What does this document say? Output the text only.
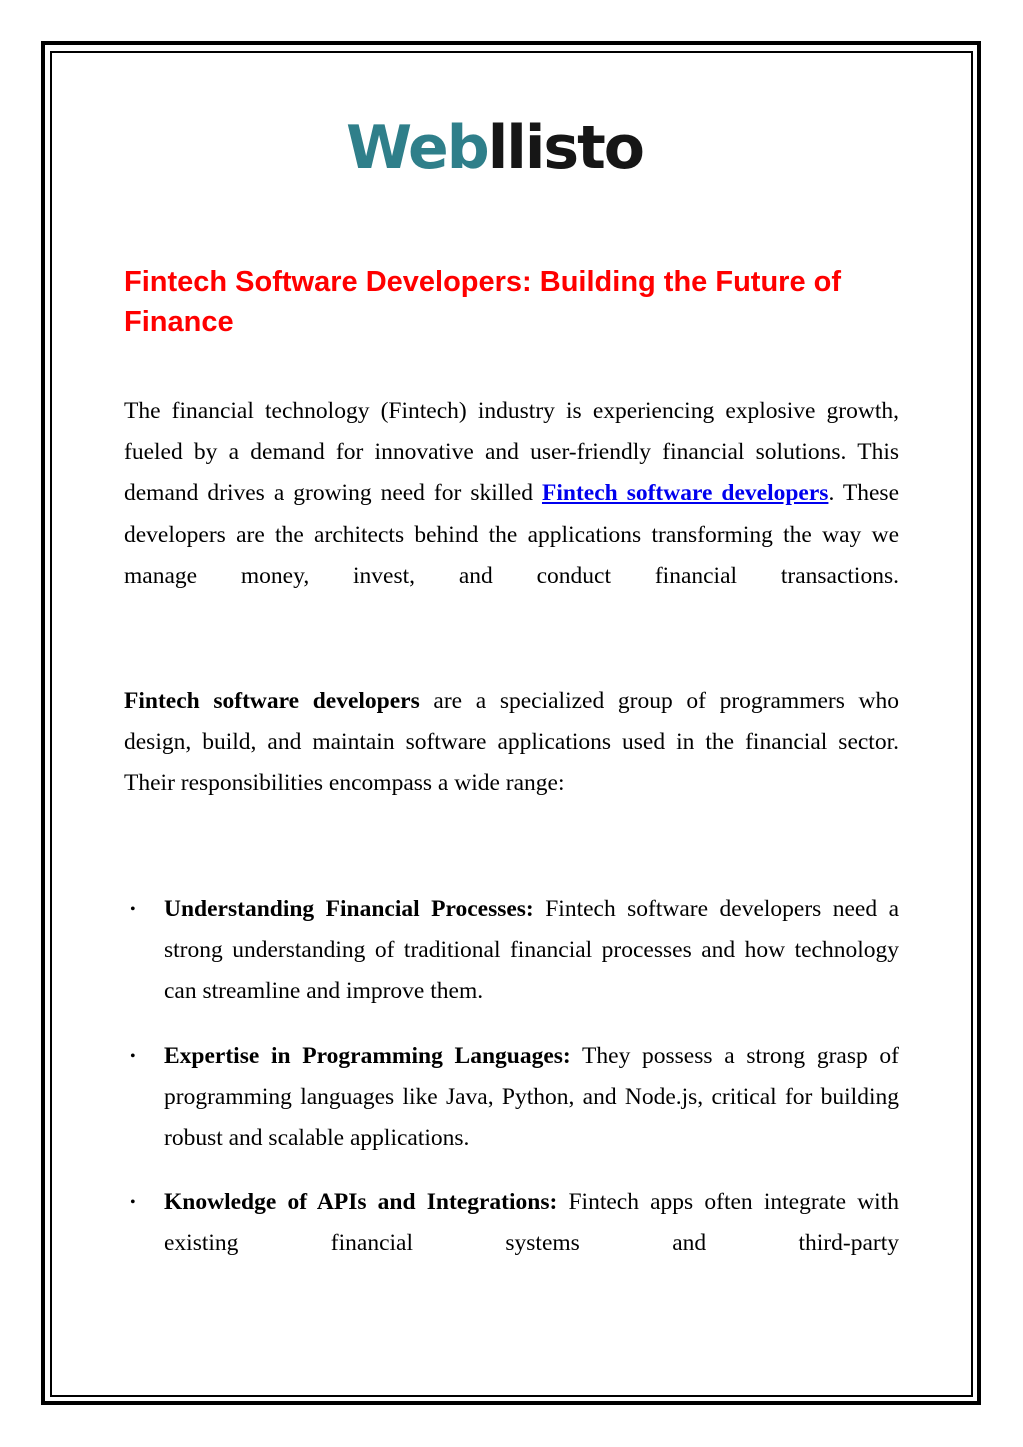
Webllisto
Fintech Software Developers: Building the Future of Finance

The financial technology (Fintech) industry is experiencing explosive growth, fueled by a demand for innovative and user-friendly financial solutions. This demand drives a growing need for skilled Fintech software developers. These developers are the architects behind the applications transforming the way we manage money, invest, and conduct financial transactions.

Fintech software developers are a specialized group of programmers who design, build, and maintain software applications used in the financial sector. Their responsibilities encompass a wide range:

• Understanding Financial Processes: Fintech software developers need a strong understanding of traditional financial processes and how technology can streamline and improve them.
• Expertise in Programming Languages: They possess a strong grasp of programming languages like Java, Python, and Node.js, critical for building robust and scalable applications.
• Knowledge of APIs and Integrations: Fintech apps often integrate with existing financial systems and third-party
